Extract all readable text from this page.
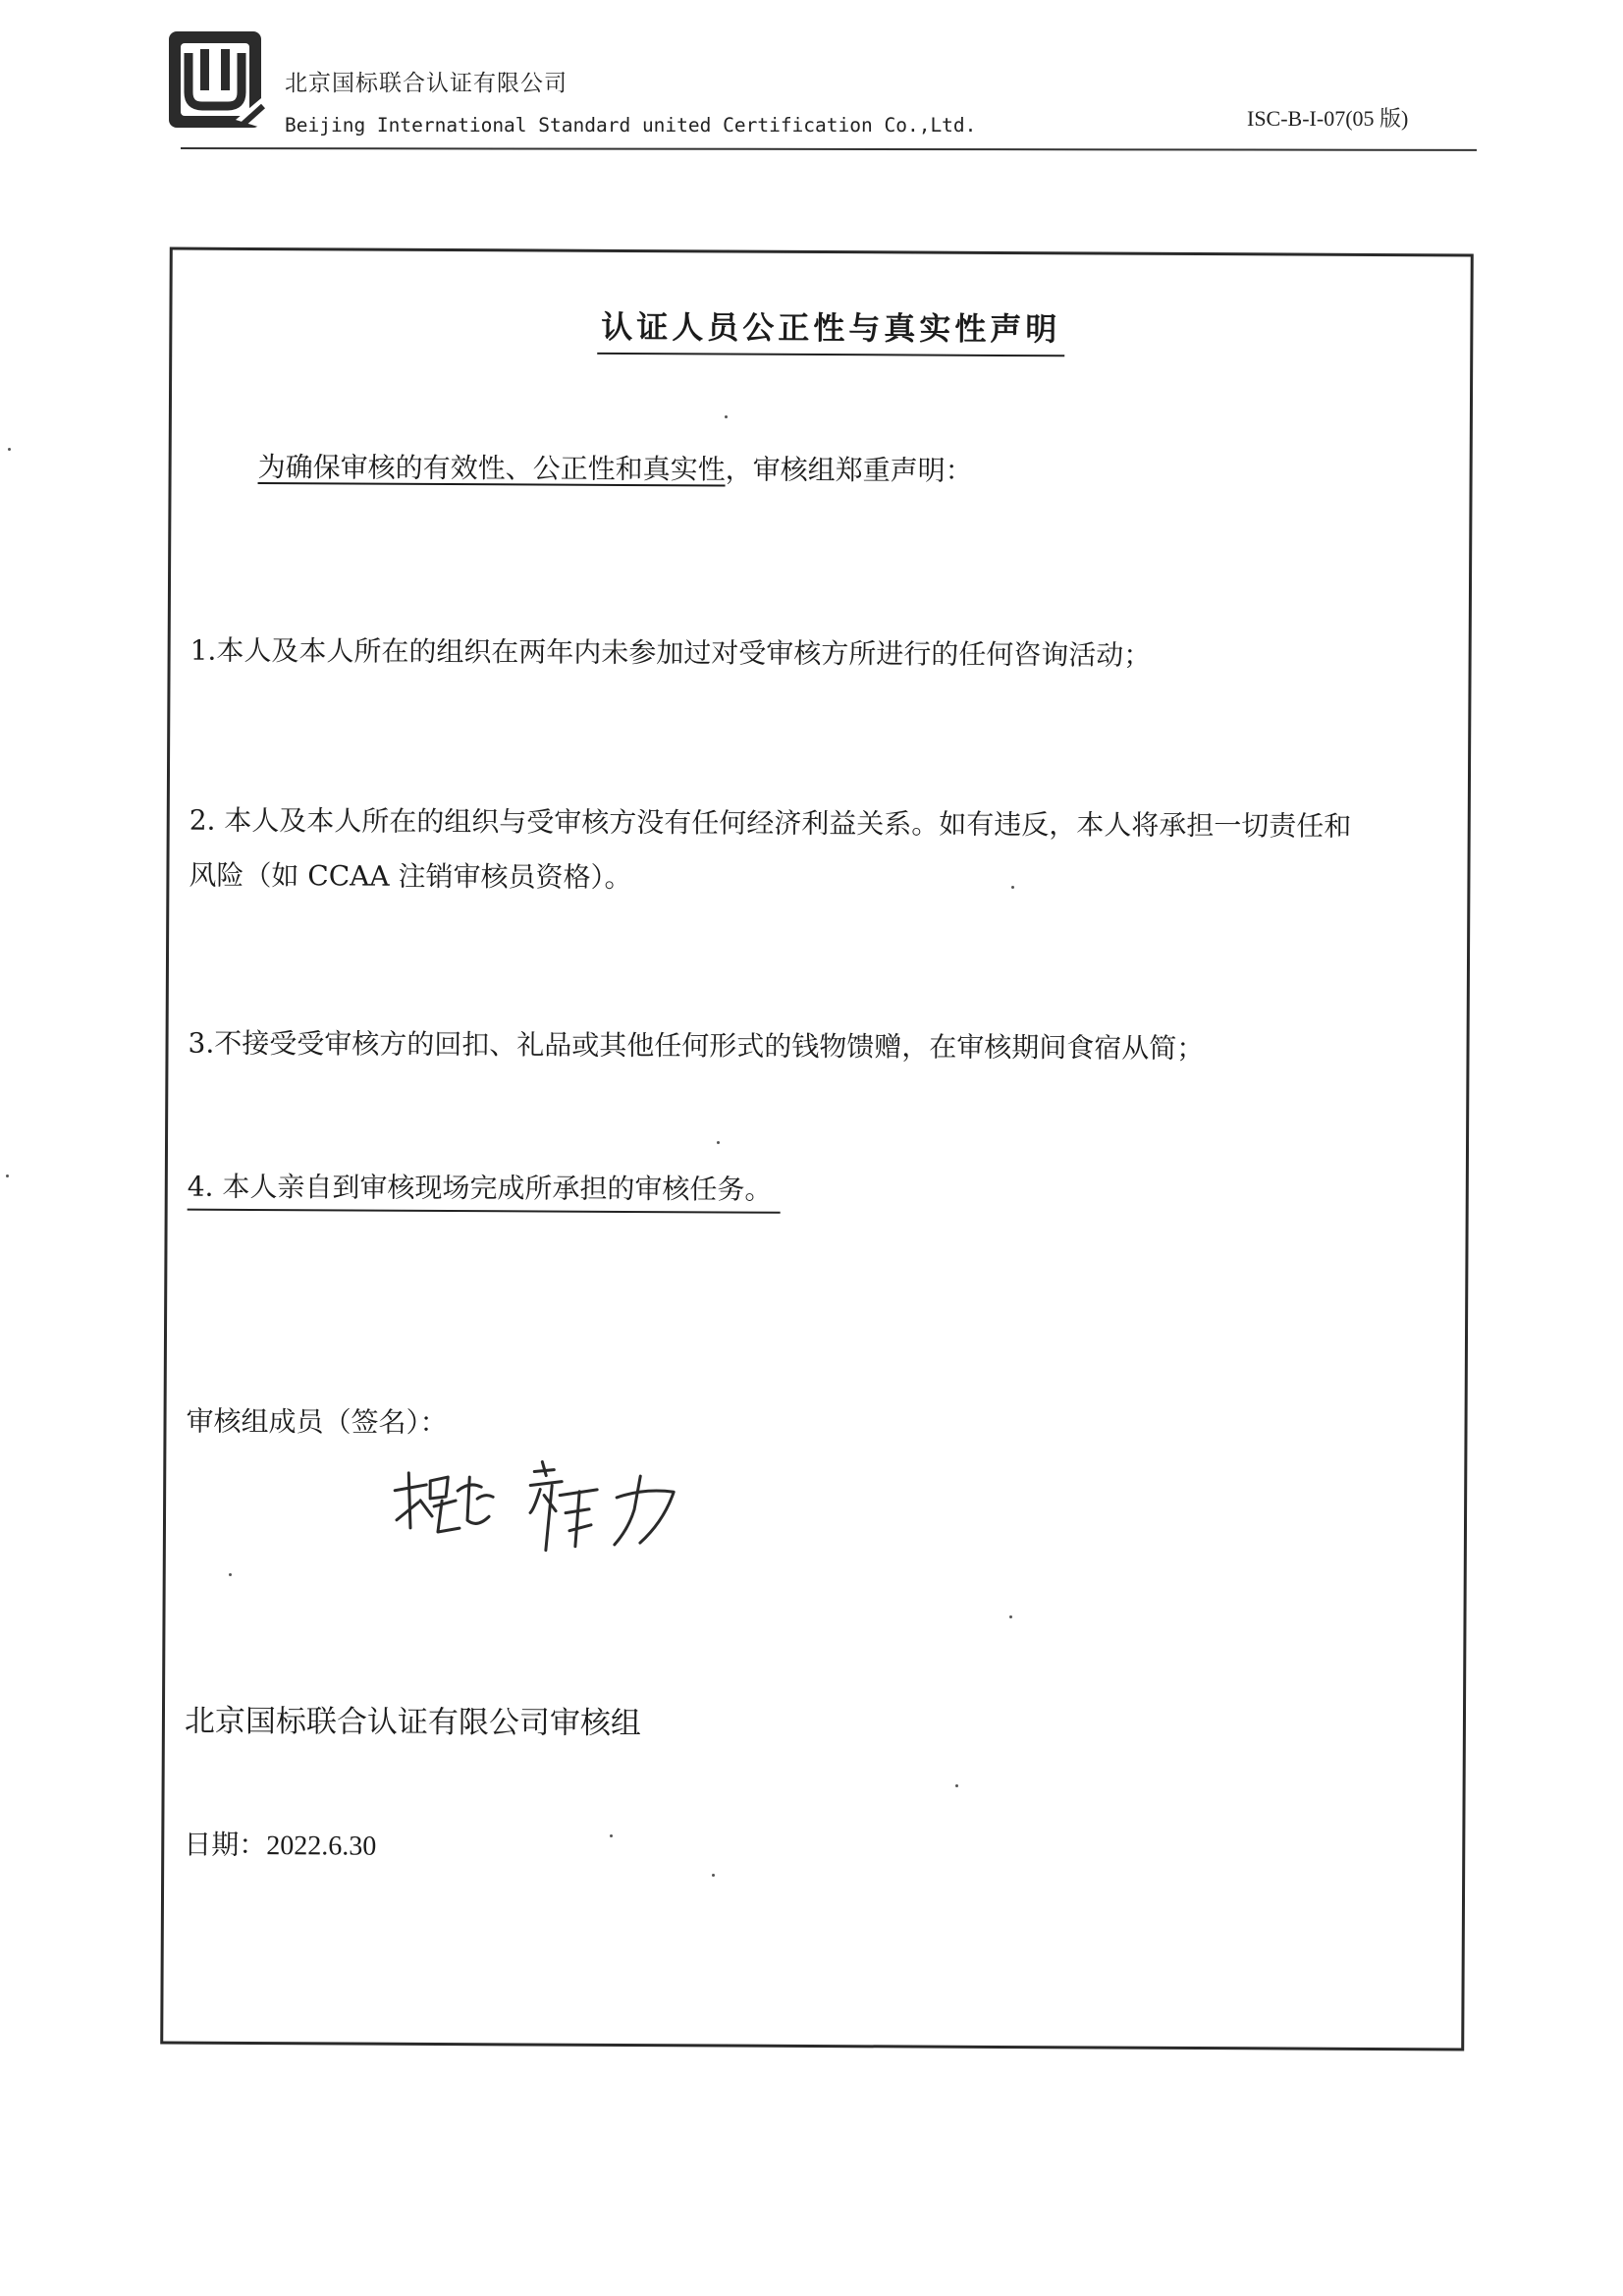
北京国标联合认证有限公司
Beijing International Standard united Certification Co.,Ltd.	ISC-B-I-07(05 版)
认证人员公正性与真实性声明
为确保审核的有效性、公正性和真实性，审核组郑重声明：
1.本人及本人所在的组织在两年内未参加过对受审核方所进行的任何咨询活动；
2. 本人及本人所在的组织与受审核方没有任何经济利益关系。如有违反，本人将承担一切责任和
风险（如 CCAA 注销审核员资格）。
3.不接受受审核方的回扣、礼品或其他任何形式的钱物馈赠，在审核期间食宿从简；
4. 本人亲自到审核现场完成所承担的审核任务。
审核组成员（签名）：
北京国标联合认证有限公司审核组
日期：2022.6.30
